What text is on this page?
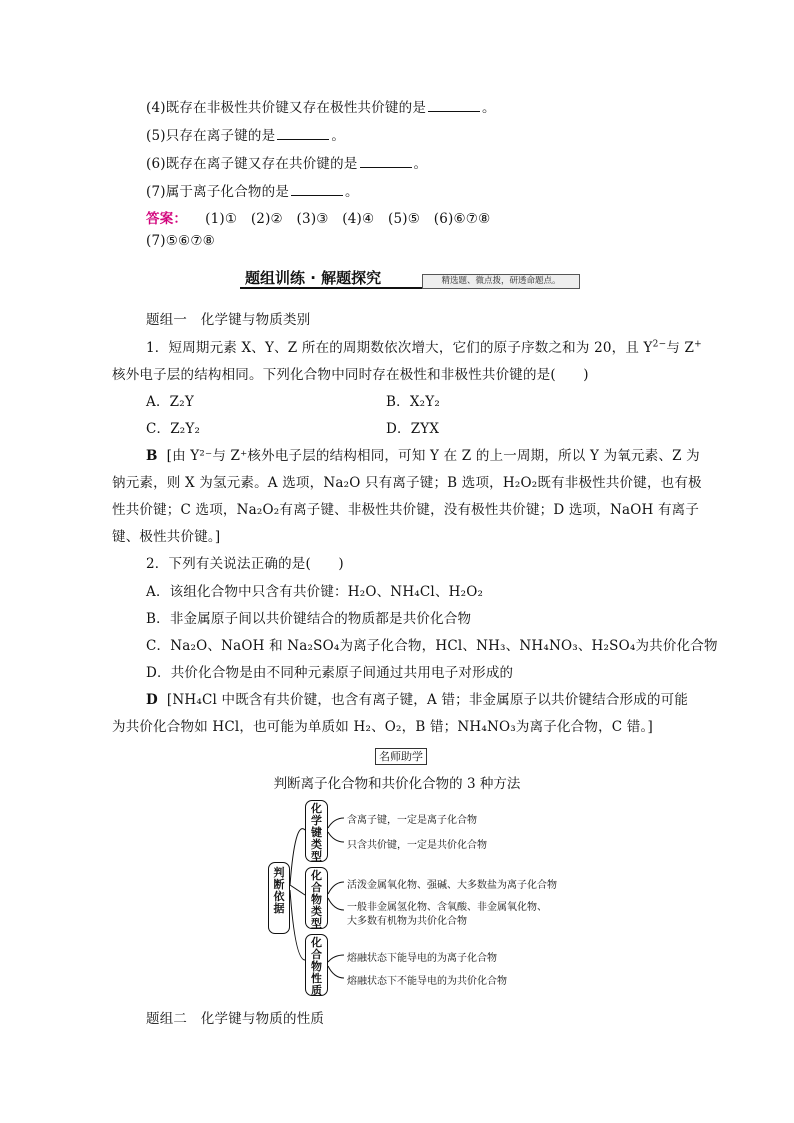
(4)既存在非极性共价键又存在极性共价键的是	。
(5)只存在离子键的是	。
(6)既存在离子键又存在共价键的是	。
(7)属于离子化合物的是	。
答案： (1)①　(2)②　(3)③　(4)④　(5)⑤　(6)⑥⑦⑧
(7)⑤⑥⑦⑧
题组训练 · 解题探究	精选题、微点拨，研透命题点。
题组一　化学键与物质类别
1．短周期元素 X、Y、Z 所在的周期数依次增大，它们的原子序数之和为 20，且 $Y^{2-}$与 Z+
核外电子层的结构相同。下列化合物中同时存在极性和非极性共价键的是(　　)
A．Z₂Y	B．X₂Y₂
C．Z₂Y₂	D．ZYX
B [由 Y²⁻与 Z⁺核外电子层的结构相同，可知 Y 在 Z 的上一周期，所以 Y 为氧元素、Z 为
钠元素，则 X 为氢元素。A 选项，Na₂O 只有离子键；B 选项，H₂O₂既有非极性共价键，也有极
性共价键；C 选项，Na₂O₂有离子键、非极性共价键，没有极性共价键；D 选项，NaOH 有离子
键、极性共价键。]
2．下列有关说法正确的是(　　)
A．该组化合物中只含有共价键：H₂O、NH₄Cl、H₂O₂
B．非金属原子间以共价键结合的物质都是共价化合物
C．Na₂O、NaOH 和 Na₂SO₄为离子化合物，HCl、NH₃、NH₄NO₃、H₂SO₄为共价化合物
D．共价化合物是由不同种元素原子间通过共用电子对形成的
D [NH₄Cl 中既含有共价键，也含有离子键，A 错；非金属原子以共价键结合形成的可能
为共价化合物如 HCl，也可能为单质如 H₂、O₂，B 错；NH₄NO₃为离子化合物，C 错。]
名师助学
判断离子化合物和共价化合物的 3 种方法
判断依据
化学键类型
化合物类型
化合物性质
含离子键，一定是离子化合物
只含共价键，一定是共价化合物
活泼金属氧化物、强碱、大多数盐为离子化合物
一般非金属氢化物、含氧酸、非金属氧化物、
大多数有机物为共价化合物
熔融状态下能导电的为离子化合物
熔融状态下不能导电的为共价化合物
题组二　化学键与物质的性质
